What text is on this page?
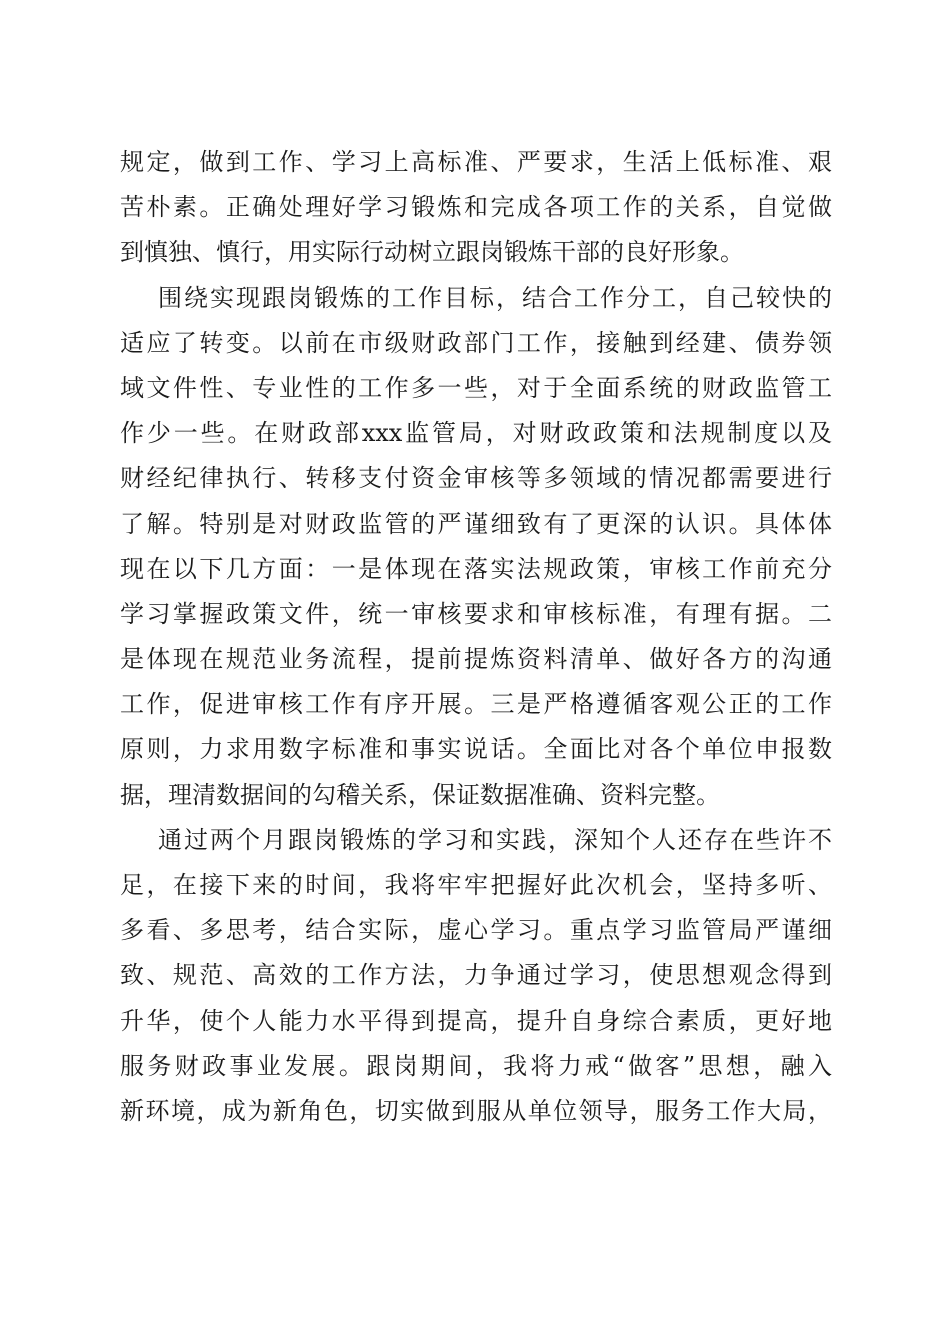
规定，做到工作、学习上高标准、严要求，生活上低标准、艰
苦朴素。正确处理好学习锻炼和完成各项工作的关系，自觉做
到慎独、慎行，用实际行动树立跟岗锻炼干部的良好形象。
围绕实现跟岗锻炼的工作目标，结合工作分工，自己较快的
适应了转变。以前在市级财政部门工作，接触到经建、债券领
域文件性、专业性的工作多一些，对于全面系统的财政监管工
作少一些。在财政部xxx监管局，对财政政策和法规制度以及
财经纪律执行、转移支付资金审核等多领域的情况都需要进行
了解。特别是对财政监管的严谨细致有了更深的认识。具体体
现在以下几方面：一是体现在落实法规政策，审核工作前充分
学习掌握政策文件，统一审核要求和审核标准，有理有据。二
是体现在规范业务流程，提前提炼资料清单、做好各方的沟通
工作，促进审核工作有序开展。三是严格遵循客观公正的工作
原则，力求用数字标准和事实说话。全面比对各个单位申报数
据，理清数据间的勾稽关系，保证数据准确、资料完整。
通过两个月跟岗锻炼的学习和实践，深知个人还存在些许不
足，在接下来的时间，我将牢牢把握好此次机会，坚持多听、
多看、多思考，结合实际，虚心学习。重点学习监管局严谨细
致、规范、高效的工作方法，力争通过学习，使思想观念得到
升华，使个人能力水平得到提高，提升自身综合素质，更好地
服务财政事业发展。跟岗期间，我将力戒“做客”思想，融入
新环境，成为新角色，切实做到服从单位领导，服务工作大局，
